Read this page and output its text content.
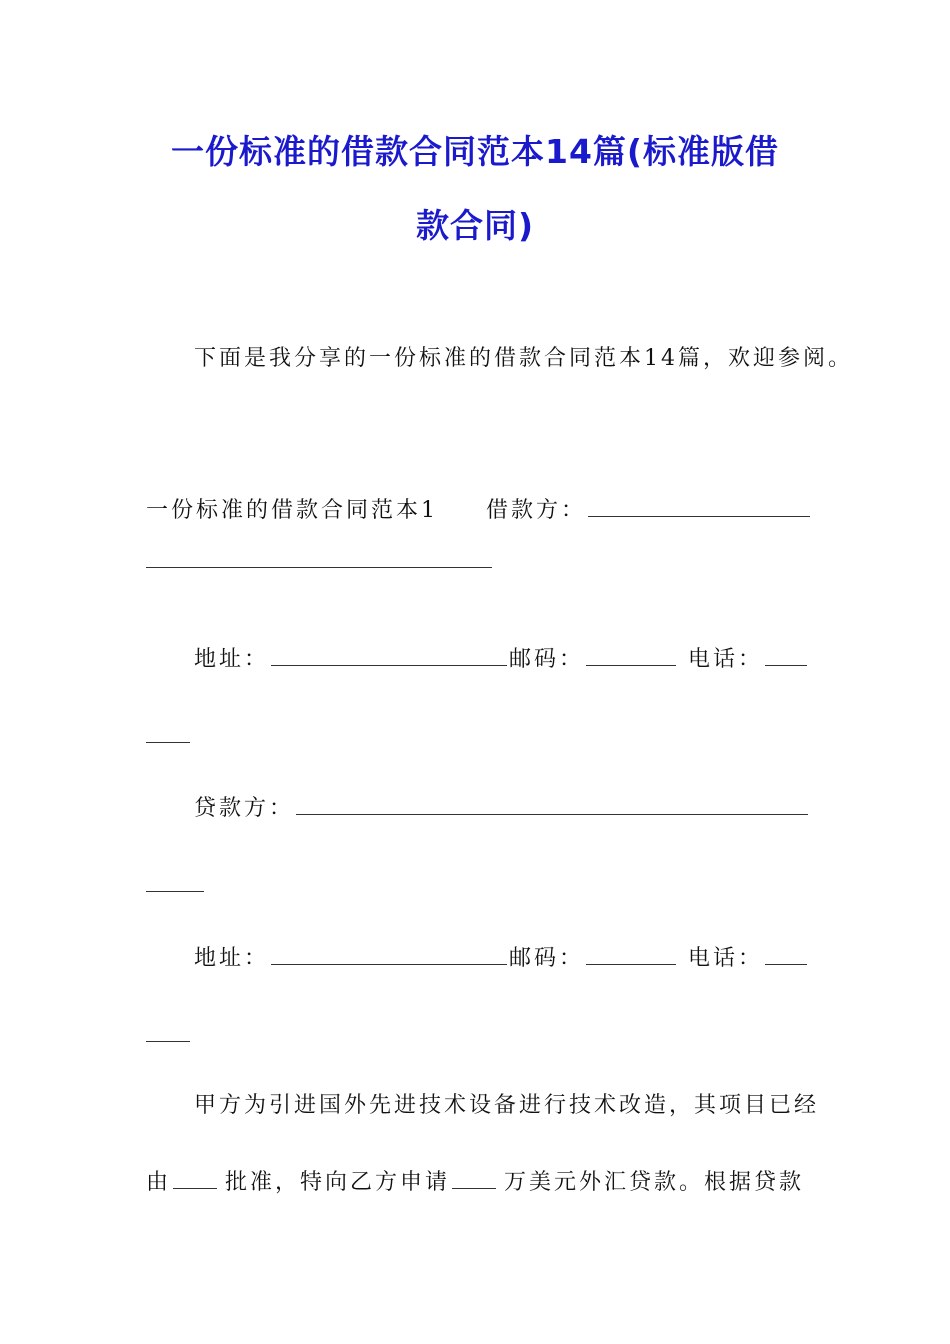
一份标准的借款合同范本14篇(标准版借
款合同)
下面是我分享的一份标准的借款合同范本14篇，欢迎参阅。
一份标准的借款合同范本1 借款方：
地址：	邮码：	电话：
贷款方：
地址：	邮码：	电话：
甲方为引进国外先进技术设备进行技术改造，其项目已经
由 批准，特向乙方申请 万美元外汇贷款。根据贷款
